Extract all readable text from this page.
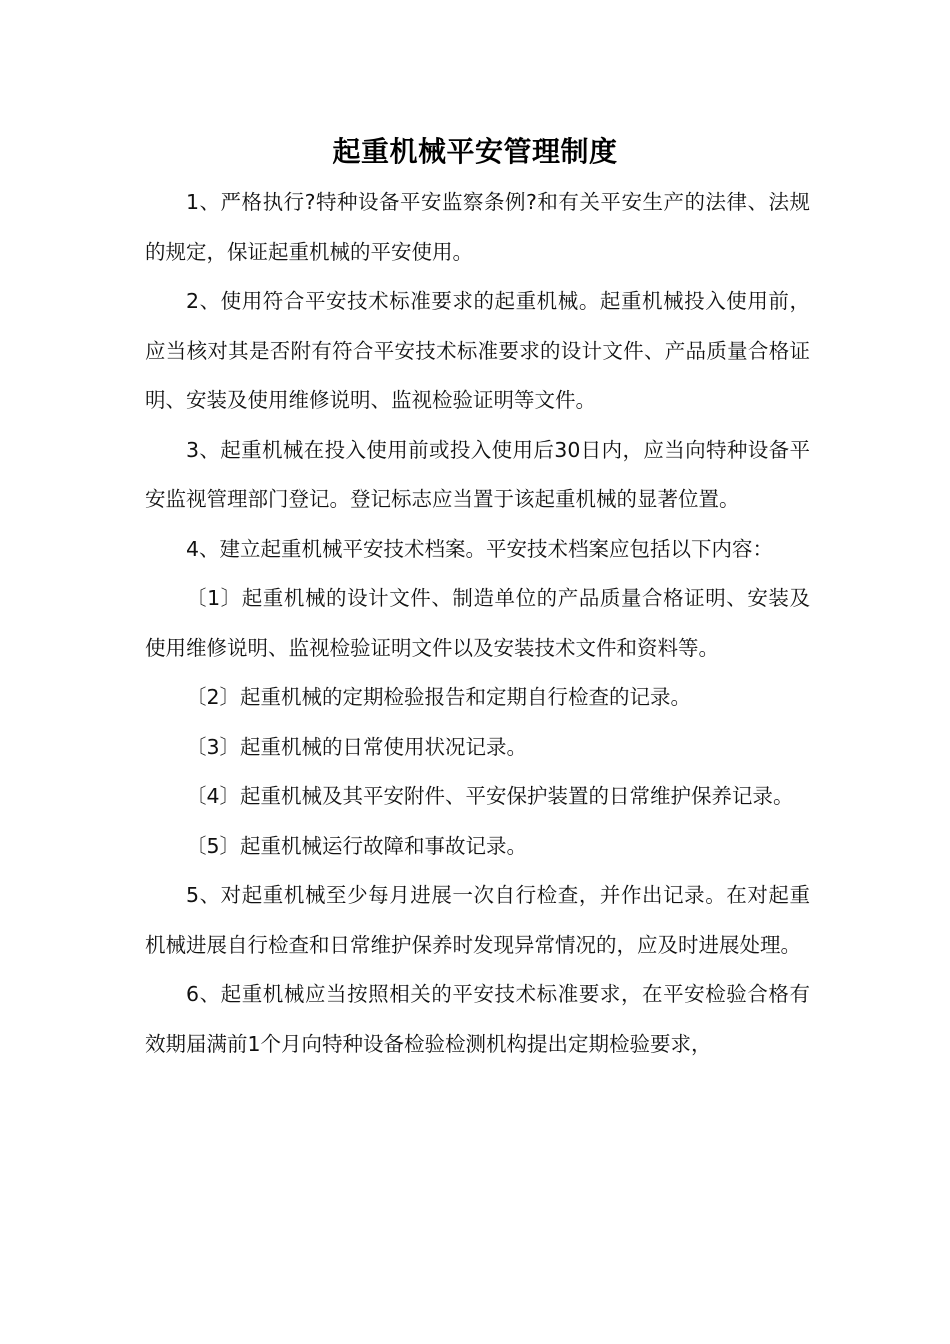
起重机械平安管理制度

1、严格执行?特种设备平安监察条例?和有关平安生产的法律、法规的规定，保证起重机械的平安使用。

2、使用符合平安技术标准要求的起重机械。起重机械投入使用前，应当核对其是否附有符合平安技术标准要求的设计文件、产品质量合格证明、安装及使用维修说明、监视检验证明等文件。

3、起重机械在投入使用前或投入使用后30日内，应当向特种设备平安监视管理部门登记。登记标志应当置于该起重机械的显著位置。

4、建立起重机械平安技术档案。平安技术档案应包括以下内容：

〔1〕起重机械的设计文件、制造单位的产品质量合格证明、安装及使用维修说明、监视检验证明文件以及安装技术文件和资料等。

〔2〕起重机械的定期检验报告和定期自行检查的记录。

〔3〕起重机械的日常使用状况记录。

〔4〕起重机械及其平安附件、平安保护装置的日常维护保养记录。

〔5〕起重机械运行故障和事故记录。

5、对起重机械至少每月进展一次自行检查，并作出记录。在对起重机械进展自行检查和日常维护保养时发现异常情况的，应及时进展处理。

6、起重机械应当按照相关的平安技术标准要求，在平安检验合格有效期届满前1个月向特种设备检验检测机构提出定期检验要求，
